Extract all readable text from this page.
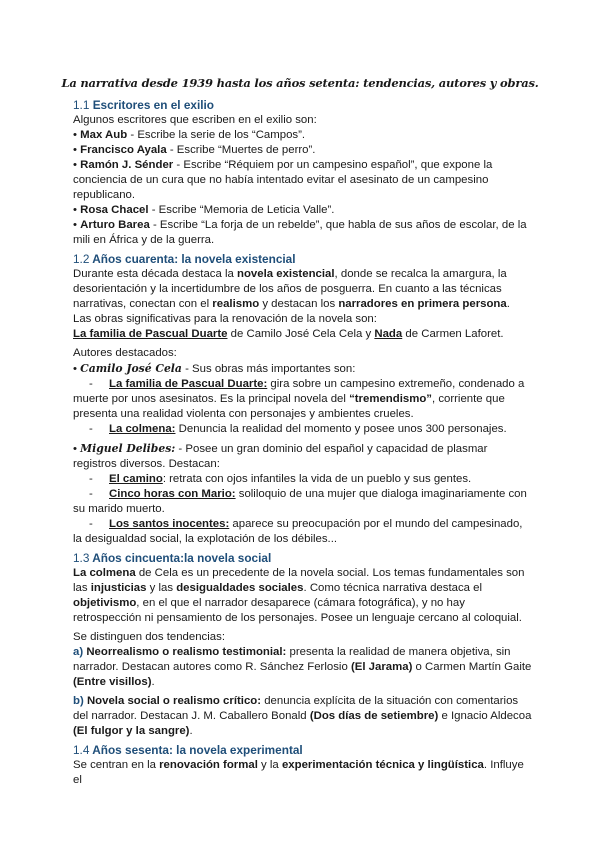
La narrativa desde 1939 hasta los años setenta: tendencias, autores y obras.
1.1 Escritores en el exilio

Algunos escritores que escriben en el exilio son:

• Max Aub - Escribe la serie de los “Campos”.

• Francisco Ayala - Escribe “Muertes de perro”.

• Ramón J. Sénder - Escribe “Réquiem por un campesino español”, que expone la conciencia de un cura que no había intentado evitar el asesinato de un campesino republicano.

• Rosa Chacel - Escribe “Memoria de Leticia Valle”.

• Arturo Barea - Escribe “La forja de un rebelde”, que habla de sus años de escolar, de la mili en África y de la guerra.

1.2 Años cuarenta: la novela existencial

Durante esta década destaca la novela existencial, donde se recalca la amargura, la desorientación y la incertidumbre de los años de posguerra. En cuanto a las técnicas narrativas, conectan con el realismo y destacan los narradores en primera persona.

Las obras significativas para la renovación de la novela son:

La familia de Pascual Duarte de Camilo José Cela Cela y Nada de Carmen Laforet.

Autores destacados:

• Camilo José Cela - Sus obras más importantes son:

- La familia de Pascual Duarte: gira sobre un campesino extremeño, condenado a muerte por unos asesinatos. Es la principal novela del “tremendismo”, corriente que presenta una realidad violenta con personajes y ambientes crueles.

- La colmena: Denuncia la realidad del momento y posee unos 300 personajes.

• Miguel Delibes: - Posee un gran dominio del español y capacidad de plasmar registros diversos. Destacan:

- El camino: retrata con ojos infantiles la vida de un pueblo y sus gentes.

- Cinco horas con Mario: soliloquio de una mujer que dialoga imaginariamente con su marido muerto.

- Los santos inocentes: aparece su preocupación por el mundo del campesinado, la desigualdad social, la explotación de los débiles...

1.3 Años cincuenta:la novela social

La colmena de Cela es un precedente de la novela social. Los temas fundamentales son las injusticias y las desigualdades sociales. Como técnica narrativa destaca el objetivismo, en el que el narrador desaparece (cámara fotográfica), y no hay retrospección ni pensamiento de los personajes. Posee un lenguaje cercano al coloquial.

Se distinguen dos tendencias:

a) Neorrealismo o realismo testimonial: presenta la realidad de manera objetiva, sin narrador. Destacan autores como R. Sánchez Ferlosio (El Jarama) o Carmen Martín Gaite (Entre visillos).

b) Novela social o realismo crítico: denuncia explícita de la situación con comentarios del narrador. Destacan J. M. Caballero Bonald (Dos días de setiembre) e Ignacio Aldecoa (El fulgor y la sangre).

1.4 Años sesenta: la novela experimental

Se centran en la renovación formal y la experimentación técnica y lingüística. Influye el
